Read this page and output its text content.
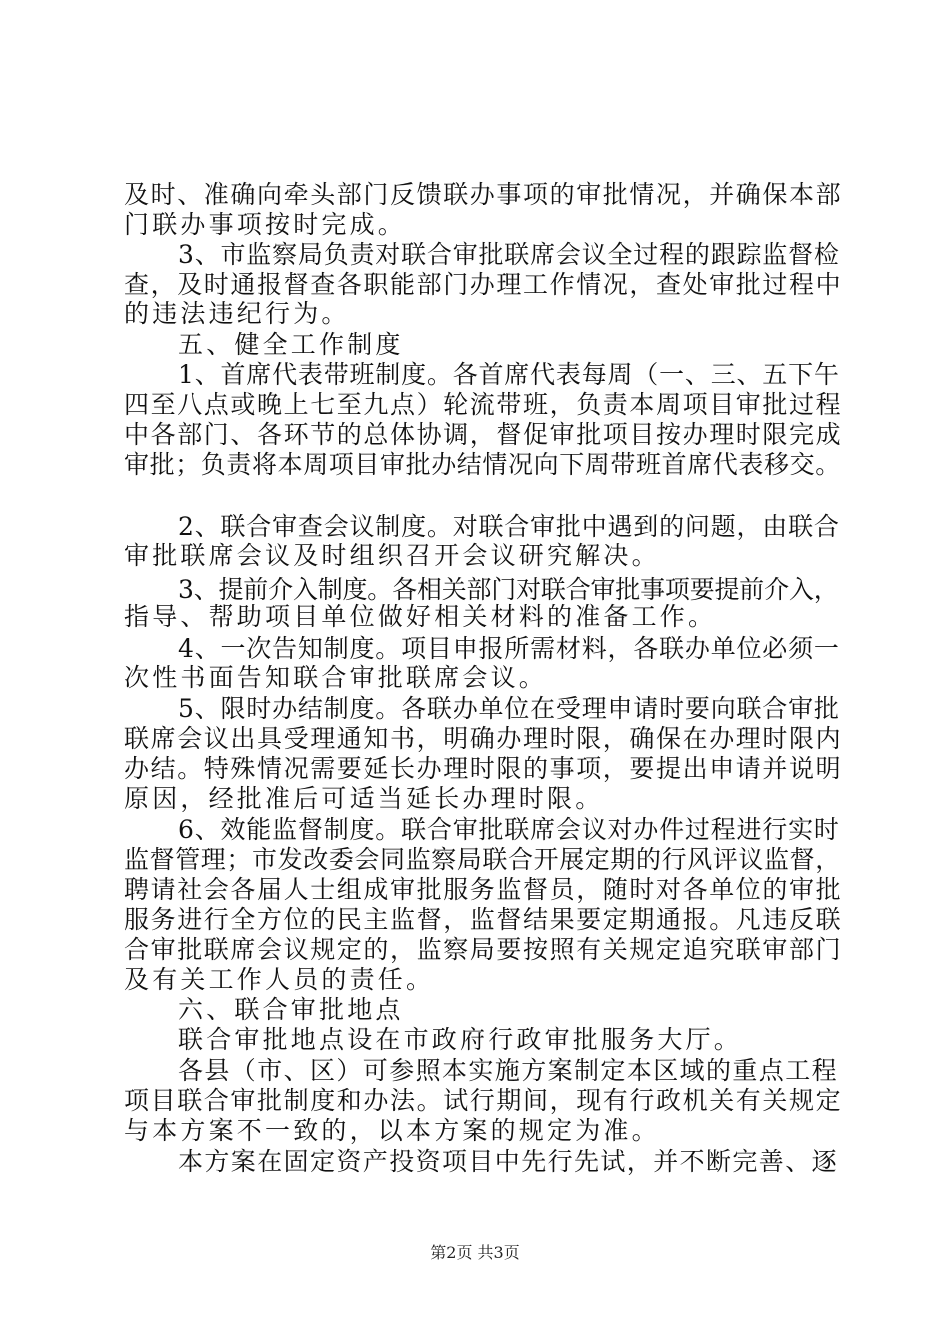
及时、准确向牵头部门反馈联办事项的审批情况，并确保本部
门联办事项按时完成。
3、市监察局负责对联合审批联席会议全过程的跟踪监督检
查，及时通报督查各职能部门办理工作情况，查处审批过程中
的违法违纪行为。
五、健全工作制度
1、首席代表带班制度。各首席代表每周（一、三、五下午
四至八点或晚上七至九点）轮流带班，负责本周项目审批过程
中各部门、各环节的总体协调，督促审批项目按办理时限完成
审批；负责将本周项目审批办结情况向下周带班首席代表移交。
2、联合审查会议制度。对联合审批中遇到的问题，由联合
审批联席会议及时组织召开会议研究解决。
3、提前介入制度。各相关部门对联合审批事项要提前介入，
指导、帮助项目单位做好相关材料的准备工作。
4、一次告知制度。项目申报所需材料，各联办单位必须一
次性书面告知联合审批联席会议。
5、限时办结制度。各联办单位在受理申请时要向联合审批
联席会议出具受理通知书，明确办理时限，确保在办理时限内
办结。特殊情况需要延长办理时限的事项，要提出申请并说明
原因，经批准后可适当延长办理时限。
6、效能监督制度。联合审批联席会议对办件过程进行实时
监督管理；市发改委会同监察局联合开展定期的行风评议监督，
聘请社会各届人士组成审批服务监督员，随时对各单位的审批
服务进行全方位的民主监督，监督结果要定期通报。凡违反联
合审批联席会议规定的，监察局要按照有关规定追究联审部门
及有关工作人员的责任。
六、联合审批地点
联合审批地点设在市政府行政审批服务大厅。
各县（市、区）可参照本实施方案制定本区域的重点工程
项目联合审批制度和办法。试行期间，现有行政机关有关规定
与本方案不一致的，以本方案的规定为准。
本方案在固定资产投资项目中先行先试，并不断完善、逐
第2页 共3页
